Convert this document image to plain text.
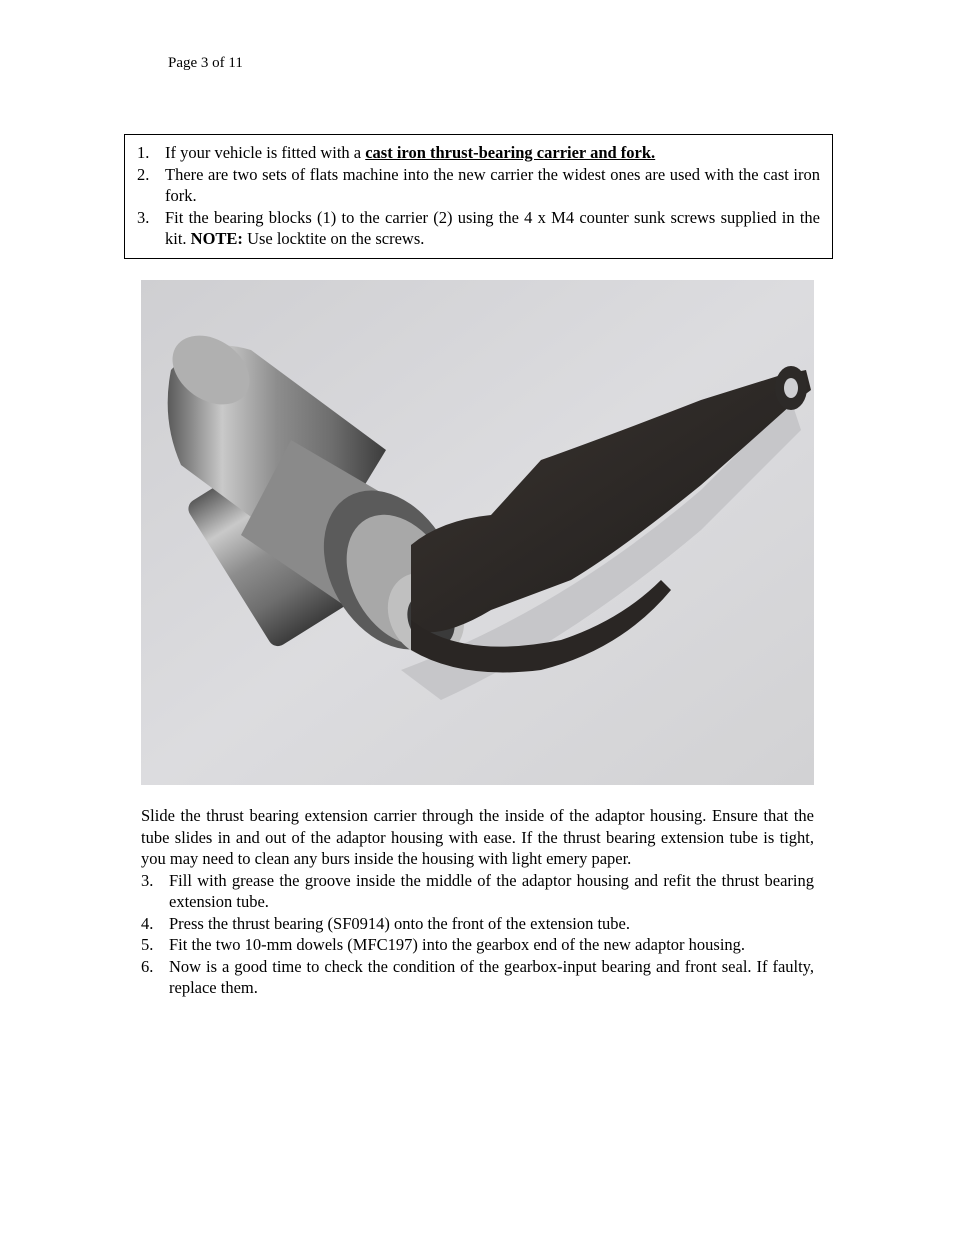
Page 3 of 11
1. If your vehicle is fitted with a cast iron thrust-bearing carrier and fork.
2. There are two sets of flats machine into the new carrier the widest ones are used with the cast iron fork.
3. Fit the bearing blocks (1) to the carrier (2) using the 4 x M4 counter sunk screws supplied in the kit. NOTE: Use locktite on the screws.
Slide the thrust bearing extension carrier through the inside of the adaptor housing. Ensure that the tube slides in and out of the adaptor housing with ease. If the thrust bearing extension tube is tight, you may need to clean any burs inside the housing with light emery paper.
3. Fill with grease the groove inside the middle of the adaptor housing and refit the thrust bearing extension tube.
4. Press the thrust bearing (SF0914) onto the front of the extension tube.
5. Fit the two 10-mm dowels (MFC197) into the gearbox end of the new adaptor housing.
6. Now is a good time to check the condition of the gearbox-input bearing and front seal. If faulty, replace them.
